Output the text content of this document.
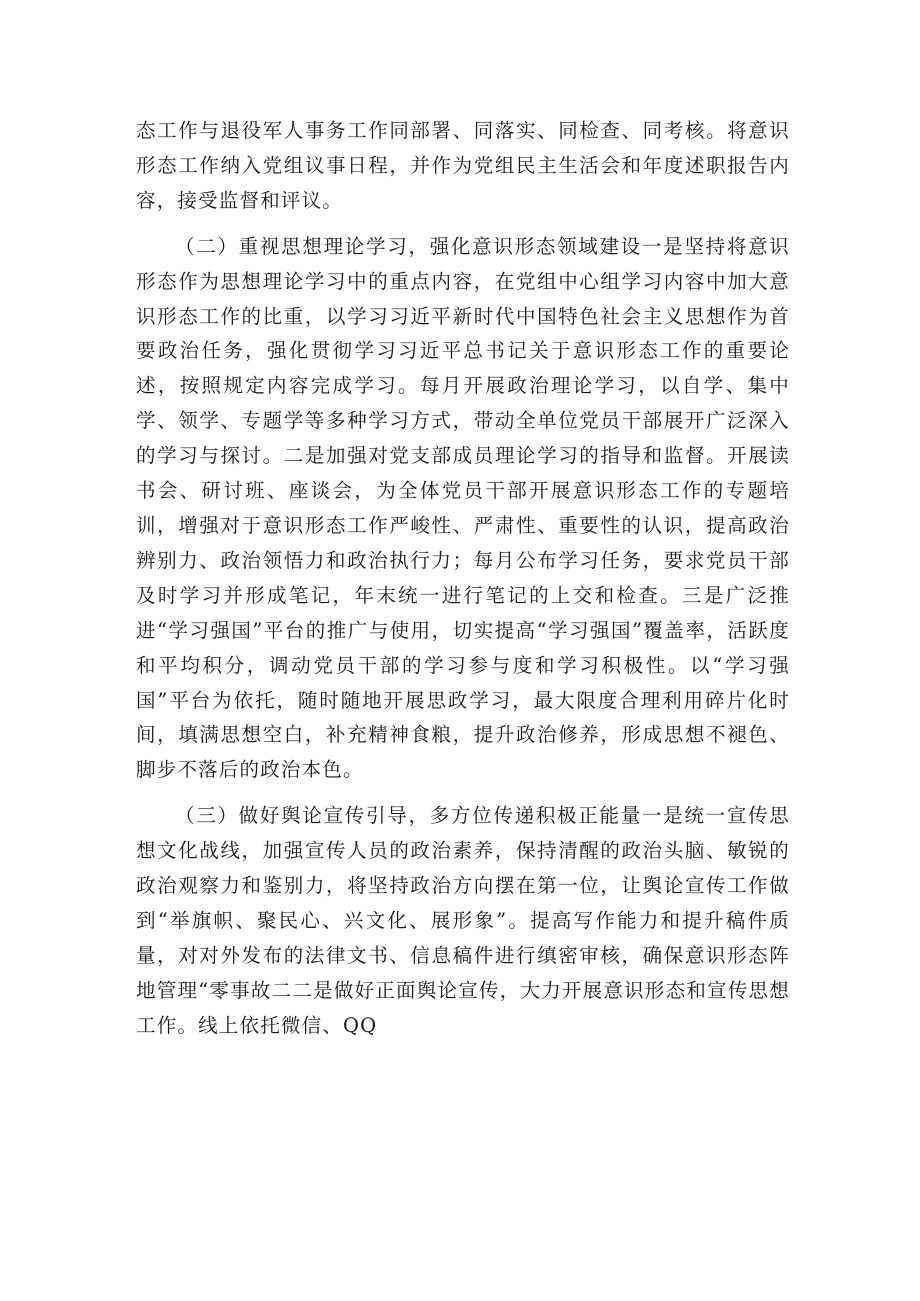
态工作与退役军人事务工作同部署、同落实、同检查、同考核。将意识形态工作纳入党组议事日程，并作为党组民主生活会和年度述职报告内容，接受监督和评议。

（二）重视思想理论学习，强化意识形态领域建设一是坚持将意识形态作为思想理论学习中的重点内容，在党组中心组学习内容中加大意识形态工作的比重，以学习习近平新时代中国特色社会主义思想作为首要政治任务，强化贯彻学习习近平总书记关于意识形态工作的重要论述，按照规定内容完成学习。每月开展政治理论学习，以自学、集中学、领学、专题学等多种学习方式，带动全单位党员干部展开广泛深入的学习与探讨。二是加强对党支部成员理论学习的指导和监督。开展读书会、研讨班、座谈会，为全体党员干部开展意识形态工作的专题培训，增强对于意识形态工作严峻性、严肃性、重要性的认识，提高政治辨别力、政治领悟力和政治执行力；每月公布学习任务，要求党员干部及时学习并形成笔记，年末统一进行笔记的上交和检查。三是广泛推进“学习强国”平台的推广与使用，切实提高“学习强国”覆盖率，活跃度和平均积分，调动党员干部的学习参与度和学习积极性。以“学习强国”平台为依托，随时随地开展思政学习，最大限度合理利用碎片化时间，填满思想空白，补充精神食粮，提升政治修养，形成思想不褪色、脚步不落后的政治本色。

（三）做好舆论宣传引导，多方位传递积极正能量一是统一宣传思想文化战线，加强宣传人员的政治素养，保持清醒的政治头脑、敏锐的政治观察力和鉴别力，将坚持政治方向摆在第一位，让舆论宣传工作做到“举旗帜、聚民心、兴文化、展形象”。提高写作能力和提升稿件质量，对对外发布的法律文书、信息稿件进行缜密审核，确保意识形态阵地管理“零事故二二是做好正面舆论宣传，大力开展意识形态和宣传思想工作。线上依托微信、QQ
